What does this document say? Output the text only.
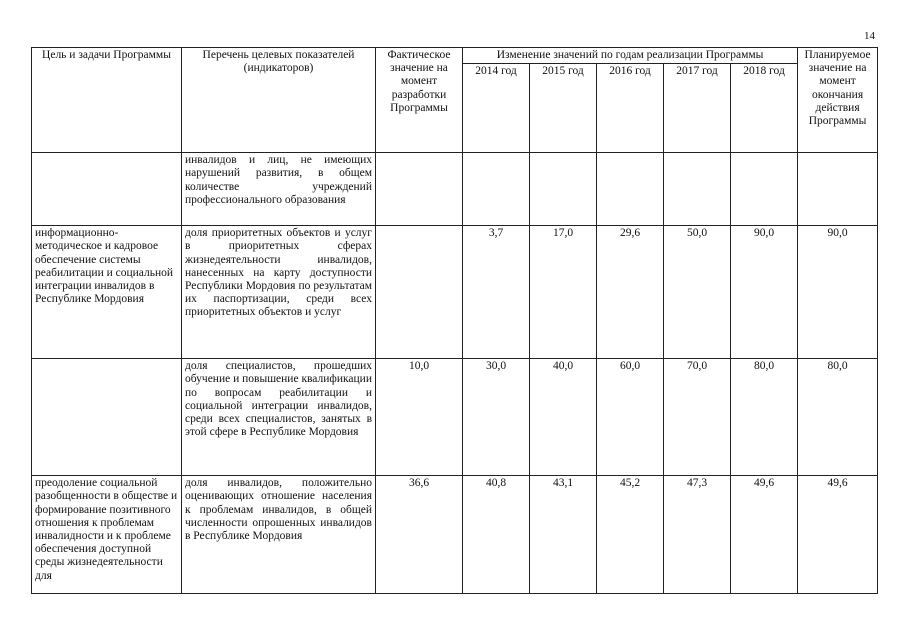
14
Цель и задачи Программы	Перечень целевых показателей (индикаторов)	Фактическое значение на момент разработки Программы	Изменение значений по годам реализации Программы					Планируемое значение на момент окончания действия Программы
			2014 год	2015 год	2016 год	2017 год	2018 год	
	инвалидов и лиц, не имеющих нарушений развития, в общем количестве учреждений профессионального образования							
информационно-методическое и кадровое обеспечение системы реабилитации и социальной интеграции инвалидов в Республике Мордовия	доля приоритетных объектов и услуг в приоритетных сферах жизнедеятельности инвалидов, нанесенных на карту доступности Республики Мордовия по результатам их паспортизации, среди всех приоритетных объектов и услуг		3,7	17,0	29,6	50,0	90,0	90,0
	доля специалистов, прошедших обучение и повышение квалификации по вопросам реабилитации и социальной интеграции инвалидов, среди всех специалистов, занятых в этой сфере в Республике Мордовия	10,0	30,0	40,0	60,0	70,0	80,0	80,0
преодоление социальной разобщенности в обществе и формирование позитивного отношения к проблемам инвалидности и к проблеме обеспечения доступной среды жизнедеятельности для	доля инвалидов, положительно оценивающих отношение населения к проблемам инвалидов, в общей численности опрошенных инвалидов в Республике Мордовия	36,6	40,8	43,1	45,2	47,3	49,6	49,6
